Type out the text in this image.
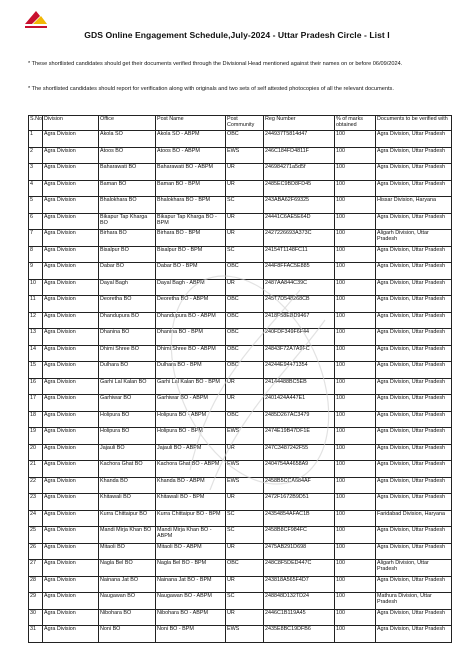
GDS Online Engagement Schedule,July-2024 - Uttar Pradesh Circle - List I
* These shortlisted candidates should get their documents verified through the Divisional Head mentioned against their names on or before 06/09/2024.
* The shortlisted candidates should report for verification along with originals and two sets of self attested photocopies of all the relevant documents.
S.No	Division	Office	Post Name	Post Community	Reg Number	% of marks obtained	Documents to be verified with
1	Agra Division	Akola SO	Akola SO - ABPM	OBC	244937T5814d47	100	Agra Division, Uttar Pradesh
2	Agra Division	Atoos BO	Atoos BO - ABPM	EWS	246C184FD4811F	100	Agra Division, Uttar Pradesh
3	Agra Division	Baharawati BO	Baharawati BO - ABPM	UR	246984271a5d5f	100	Agra Division, Uttar Pradesh
4	Agra Division	Baman BO	Baman BO - BPM	UR	2485EC9BD8FD45	100	Agra Division, Uttar Pradesh
5	Agra Division	Bhalokhara BO	Bhalokhara BO - BPM	SC	243ABA62F69325	100	Hissar Division, Haryana
6	Agra Division	Bikapur Tap Kharga BO	Bikapur Tap Kharga BO - BPM	UR	24441C6AE5E64D	100	Agra Division, Uttar Pradesh
7	Agra Division	Birhara BO	Birhara BO - BPM	UR	2427226693A373C	100	Aligarh Division, Uttar Pradesh
8	Agra Division	Bisalpur BO	Bisalpur BO - BPM	SC	24154T1148FC11	100	Agra Division, Uttar Pradesh
9	Agra Division	Dabar BO	Dabar BO - BPM	OBC	244F8FFAC5E885	100	Agra Division, Uttar Pradesh
10	Agra Division	Dayal Bagh	Dayal Bagh - ABPM	UR	2487AA844C39C	100	Agra Division, Uttar Pradesh
11	Agra Division	Deoretha BO	Deoretha BO - ABPM	OBC	245T7D548268CB	100	Agra Division, Uttar Pradesh
12	Agra Division	Dhandupura BO	Dhandupura BO - ABPM	OBC	2418F58EBD9467	100	Agra Division, Uttar Pradesh
13	Agra Division	Dhanina BO	Dhanina BO - BPM	OBC	240FDF349F6F44	100	Agra Division, Uttar Pradesh
14	Agra Division	Dhimi Shree BO	Dhimi Shree BO - ABPM	OBC	24843F72A7A9FC	100	Agra Division, Uttar Pradesh
15	Agra Division	Dulhara BO	Dulhara BO - BPM	OBC	24244E94471354	100	Agra Division, Uttar Pradesh
16	Agra Division	Garhi Lal Kalan BO	Garhi Lal Kalan BO - BPM	UR	24144488BC5EB	100	Agra Division, Uttar Pradesh
17	Agra Division	Garhiwar BO	Garhiwar BO - ABPM	UR	2401424A447E1	100	Agra Division, Uttar Pradesh
18	Agra Division	Holipura BO	Holipura BO - ABPM	OBC	2485D267AC3479	100	Agra Division, Uttar Pradesh
19	Agra Division	Holipura BO	Holipura BO - BPM	EWS	2474E19B47DF1E	100	Agra Division, Uttar Pradesh
20	Agra Division	Jajauli BO	Jajauli BO - ABPM	UR	247C3487242F55	100	Agra Division, Uttar Pradesh
21	Agra Division	Kachora Ghat BO	Kachora Ghat BO - ABPM	EWS	2404754A4658A9	100	Agra Division, Uttar Pradesh
22	Agra Division	Khanda BO	Khanda BO - ABPM	EWS	2458B5CCA684AF	100	Agra Division, Uttar Pradesh
23	Agra Division	Khitawali BO	Khitawali BO - BPM	UR	2472F1672B9D51	100	Agra Division, Uttar Pradesh
24	Agra Division	Kurra Chittaipur BO	Kurra Chittaipur BO - BPM	SC	24354854AFAC1B	100	Faridabad Division, Haryana
25	Agra Division	Mandi Mirja Khan BO	Mandi Mirja Khan BO - ABPM	SC	2458B8CF984FC	100	Agra Division, Uttar Pradesh
26	Agra Division	Mitaoli BO	Mitaoli BO - ABPM	UR	2475AB291D698	100	Agra Division, Uttar Pradesh
27	Agra Division	Nagla Bel BO	Nagla Bel BO - BPM	OBC	248C8F5DED447C	100	Aligarh Division, Uttar Pradesh
28	Agra Division	Nainana Jat BO	Nainana Jat BO - BPM	UR	243818A565F4D7	100	Agra Division, Uttar Pradesh
29	Agra Division	Naugawan BO	Naugawan BO - ABPM	SC	248848D132TD24	100	Mathura Division, Uttar Pradesh
30	Agra Division	Nibohara BO	Nibohara BO - ABPM	UR	2446C1B119A45	100	Agra Division, Uttar Pradesh
31	Agra Division	Noni BO	Noni BO - BPM	EWS	2435E8BC19DFB6	100	Agra Division, Uttar Pradesh
